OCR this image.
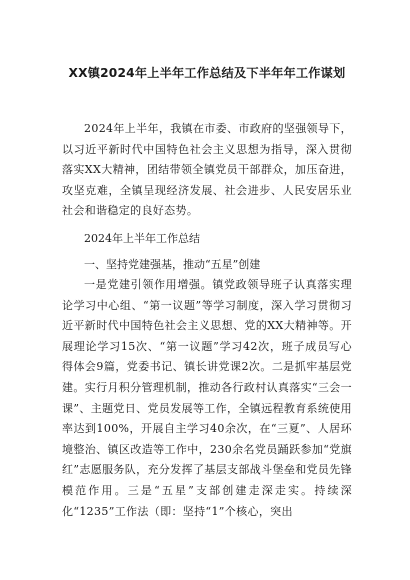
XX镇2024年上半年工作总结及下半年年工作谋划

2024年上半年，我镇在市委、市政府的坚强领导下，以习近平新时代中国特色社会主义思想为指导，深入贯彻落实XX大精神，团结带领全镇党员干部群众，加压奋进，攻坚克难，全镇呈现经济发展、社会进步、人民安居乐业社会和谐稳定的良好态势。

2024年上半年工作总结

一、坚持党建强基，推动“五星”创建

一是党建引领作用增强。镇党政领导班子认真落实理论学习中心组、“第一议题”等学习制度，深入学习贯彻习近平新时代中国特色社会主义思想、党的XX大精神等。开展理论学习15次、“第一议题”学习42次，班子成员写心得体会9篇，党委书记、镇长讲党课2次。二是抓牢基层党建。实行月积分管理机制，推动各行政村认真落实“三会一课”、主题党日、党员发展等工作，全镇远程教育系统使用率达到100%，开展自主学习40余次，在“三夏”、人居环境整治、镇区改造等工作中，230余名党员踊跃参加“党旗红”志愿服务队，充分发挥了基层支部战斗堡垒和党员先锋模范作用。三是“五星”支部创建走深走实。持续深化“1235”工作法（即：坚持“1”个核心，突出
